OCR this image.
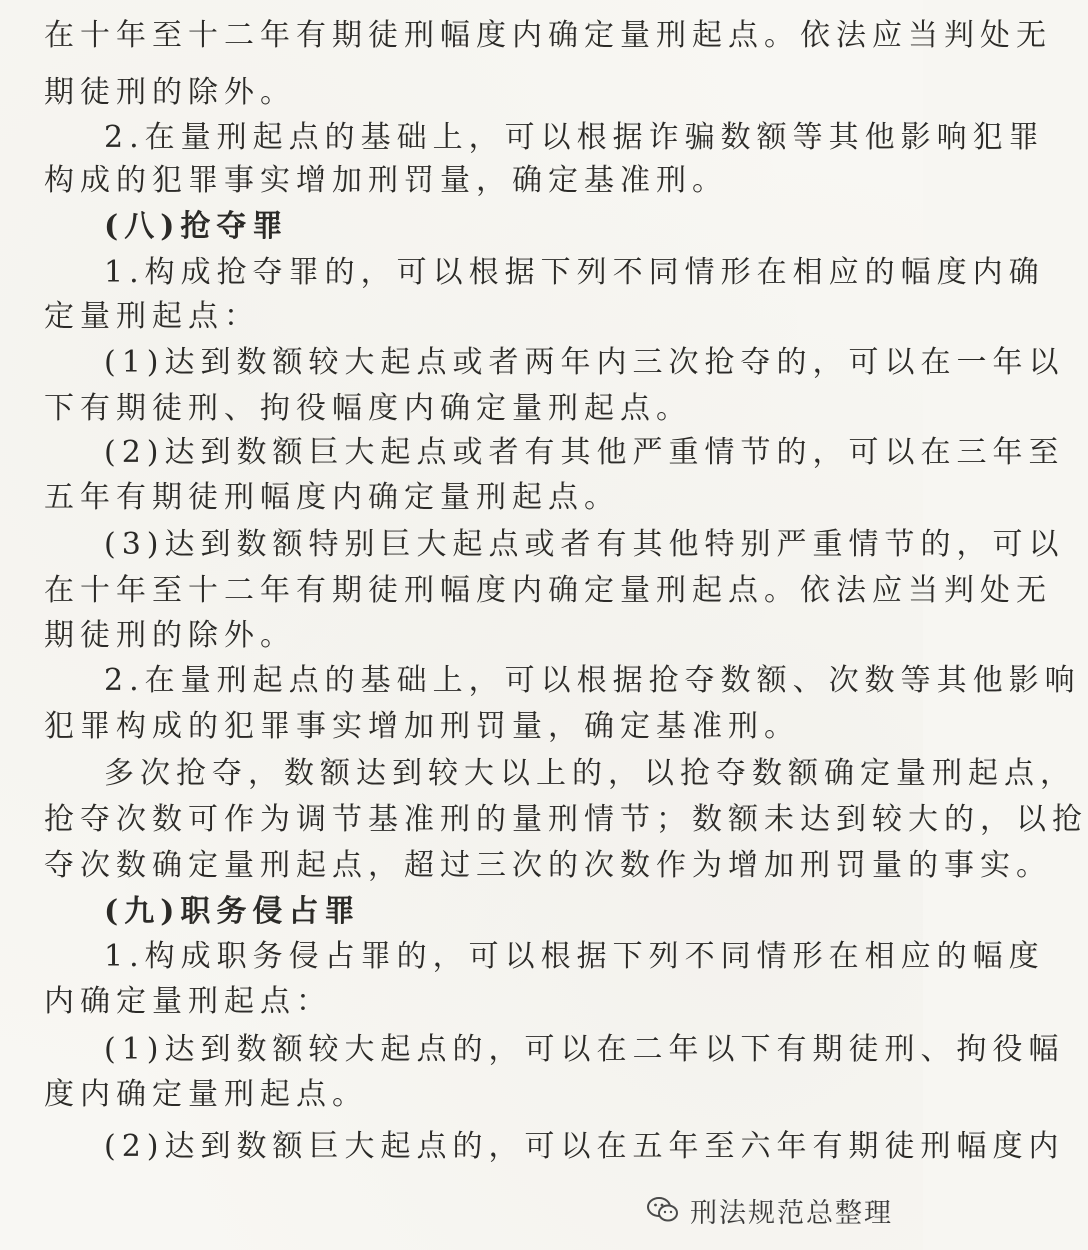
在十年至十二年有期徒刑幅度内确定量刑起点。依法应当判处无
期徒刑的除外。
2.在量刑起点的基础上，可以根据诈骗数额等其他影响犯罪
构成的犯罪事实增加刑罚量，确定基准刑。
(八)抢夺罪
1.构成抢夺罪的，可以根据下列不同情形在相应的幅度内确
定量刑起点：
(1)达到数额较大起点或者两年内三次抢夺的，可以在一年以
下有期徒刑、拘役幅度内确定量刑起点。
(2)达到数额巨大起点或者有其他严重情节的，可以在三年至
五年有期徒刑幅度内确定量刑起点。
(3)达到数额特别巨大起点或者有其他特别严重情节的，可以
在十年至十二年有期徒刑幅度内确定量刑起点。依法应当判处无
期徒刑的除外。
2.在量刑起点的基础上，可以根据抢夺数额、次数等其他影响
犯罪构成的犯罪事实增加刑罚量，确定基准刑。
多次抢夺，数额达到较大以上的，以抢夺数额确定量刑起点，
抢夺次数可作为调节基准刑的量刑情节；数额未达到较大的，以抢
夺次数确定量刑起点，超过三次的次数作为增加刑罚量的事实。
(九)职务侵占罪
1.构成职务侵占罪的，可以根据下列不同情形在相应的幅度
内确定量刑起点：
(1)达到数额较大起点的，可以在二年以下有期徒刑、拘役幅
度内确定量刑起点。
(2)达到数额巨大起点的，可以在五年至六年有期徒刑幅度内
刑法规范总整理
